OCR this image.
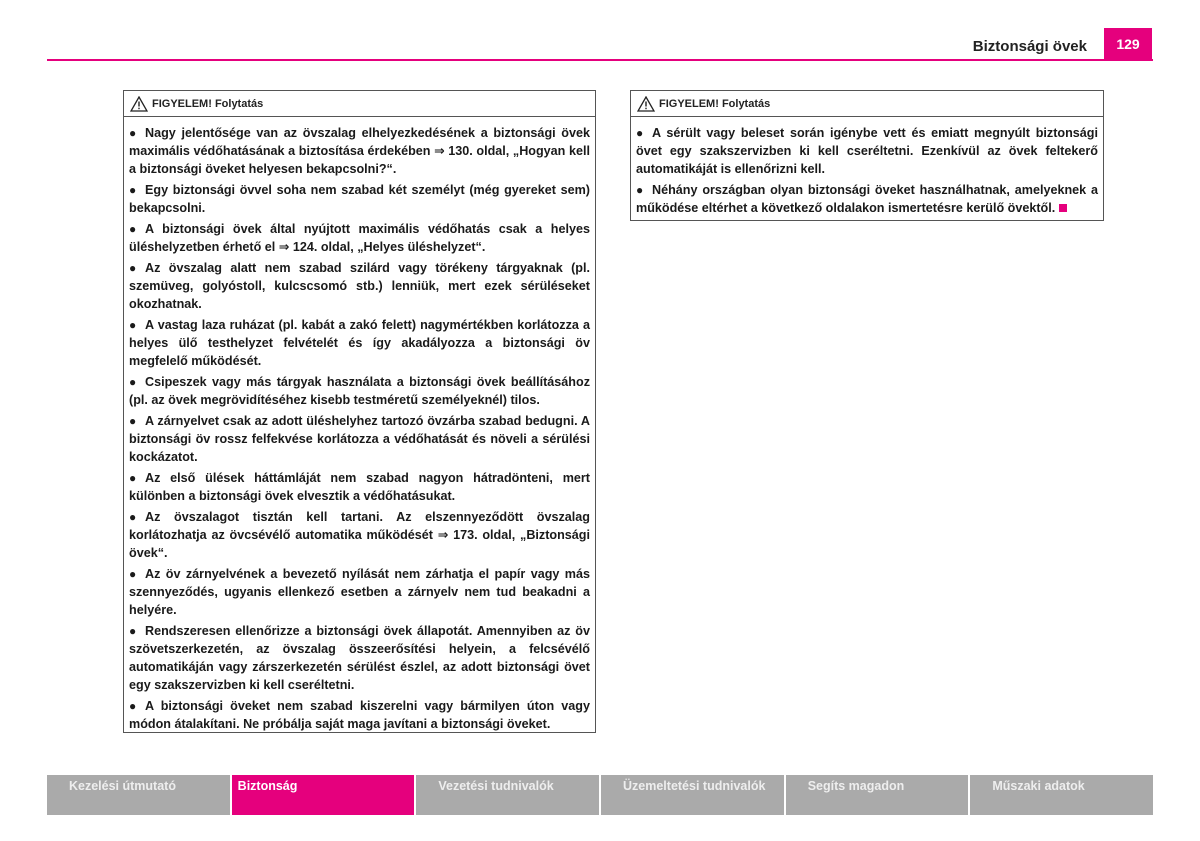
Biztonsági övek	129
FIGYELEM! Folytatás

● Nagy jelentősége van az övszalag elhelyezkedésének a biztonsági övek maximális védőhatásának a biztosítása érdekében ⇒ 130. oldal, „Hogyan kell a biztonsági öveket helyesen bekapcsolni?“.

● Egy biztonsági övvel soha nem szabad két személyt (még gyereket sem) bekapcsolni.

● A biztonsági övek által nyújtott maximális védőhatás csak a helyes üléshelyzetben érhető el ⇒ 124. oldal, „Helyes üléshelyzet“.

● Az övszalag alatt nem szabad szilárd vagy törékeny tárgyaknak (pl. szemüveg, golyóstoll, kulcscsomó stb.) lenniük, mert ezek sérüléseket okozhatnak.

● A vastag laza ruházat (pl. kabát a zakó felett) nagymértékben korlátozza a helyes ülő testhelyzet felvételét és így akadályozza a biztonsági öv megfelelő működését.

● Csipeszek vagy más tárgyak használata a biztonsági övek beállításához (pl. az övek megrövidítéséhez kisebb testméretű személyeknél) tilos.

● A zárnyelvet csak az adott üléshelyhez tartozó övzárba szabad bedugni. A biztonsági öv rossz felfekvése korlátozza a védőhatását és növeli a sérülési kockázatot.

● Az első ülések háttámláját nem szabad nagyon hátradönteni, mert különben a biztonsági övek elvesztik a védőhatásukat.

● Az övszalagot tisztán kell tartani. Az elszennyeződött övszalag korlátozhatja az övcsévélő automatika működését ⇒ 173. oldal, „Biztonsági övek“.

● Az öv zárnyelvének a bevezető nyílását nem zárhatja el papír vagy más szennyeződés, ugyanis ellenkező esetben a zárnyelv nem tud beakadni a helyére.

● Rendszeresen ellenőrizze a biztonsági övek állapotát. Amennyiben az öv szövetszerkezetén, az övszalag összeerősítési helyein, a felcsévélő automatikáján vagy zárszerkezetén sérülést észlel, az adott biztonsági övet egy szakszervizben ki kell cseréltetni.

● A biztonsági öveket nem szabad kiszerelni vagy bármilyen úton vagy módon átalakítani. Ne próbálja saját maga javítani a biztonsági öveket.

FIGYELEM! Folytatás

● A sérült vagy beleset során igénybe vett és emiatt megnyúlt biztonsági övet egy szakszervizben ki kell cseréltetni. Ezenkívül az övek feltekerő automatikáját is ellenőrizni kell.

● Néhány országban olyan biztonsági öveket használhatnak, amelyeknek a működése eltérhet a következő oldalakon ismertetésre kerülő övektől.

Kezelési útmutató	Biztonság	Vezetési tudnivalók	Üzemeltetési tudnivalók	Segíts magadon	Műszaki adatok
